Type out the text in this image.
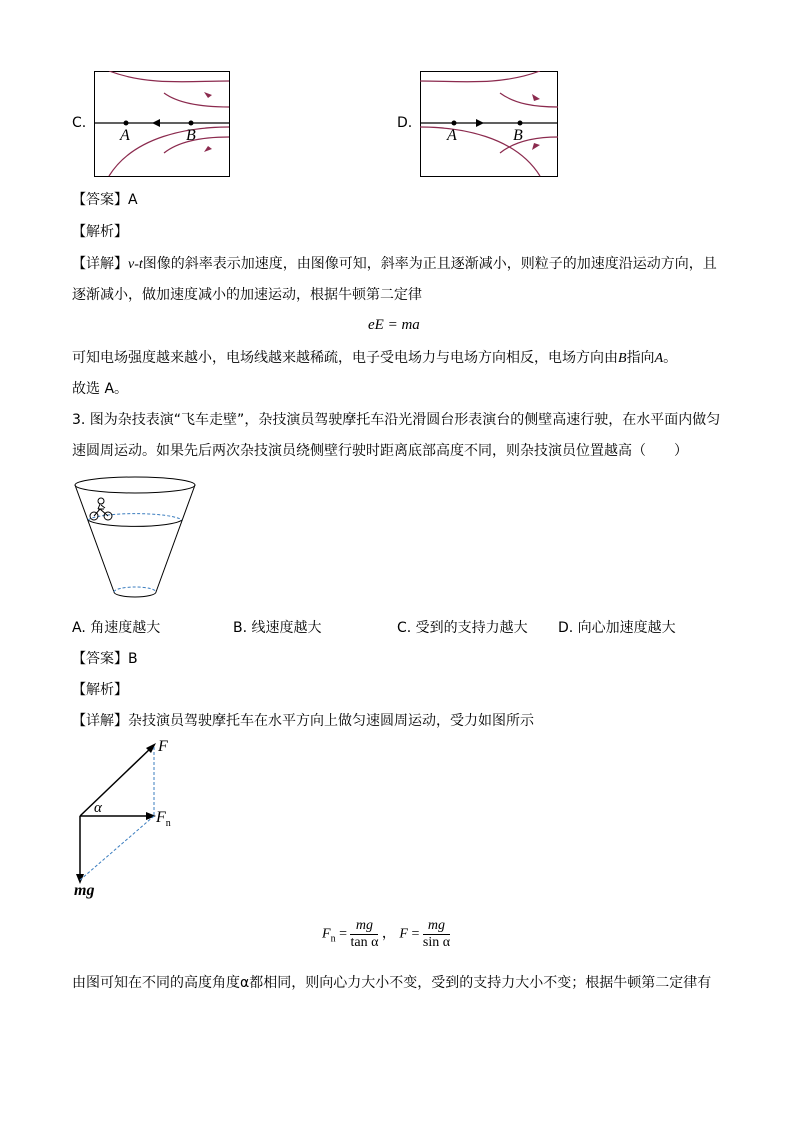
C.
A	B
D.
A	B
【答案】A
【解析】
【详解】v-t图像的斜率表示加速度，由图像可知，斜率为正且逐渐减小，则粒子的加速度沿运动方向，且
逐渐减小，做加速度减小的加速运动，根据牛顿第二定律
eE = ma
可知电场强度越来越小，电场线越来越稀疏，电子受电场力与电场方向相反，电场方向由B指向A。
故选 A。
3. 图为杂技表演“飞车走壁”，杂技演员驾驶摩托车沿光滑圆台形表演台的侧壁高速行驶，在水平面内做匀
速圆周运动。如果先后两次杂技演员绕侧壁行驶时距离底部高度不同，则杂技演员位置越高（　　）
A. 角速度越大	B. 线速度越大	C. 受到的支持力越大 D. 向心加速度越大
【答案】B
【解析】
【详解】杂技演员驾驶摩托车在水平方向上做匀速圆周运动，受力如图所示
F
α
$F_n$
mg
$F_n = \frac{mg}{\text{tan α}}$ ， $F = \frac{mg}{\text{sin α}}$
由图可知在不同的高度角度α都相同，则向心力大小不变，受到的支持力大小不变；根据牛顿第二定律有
